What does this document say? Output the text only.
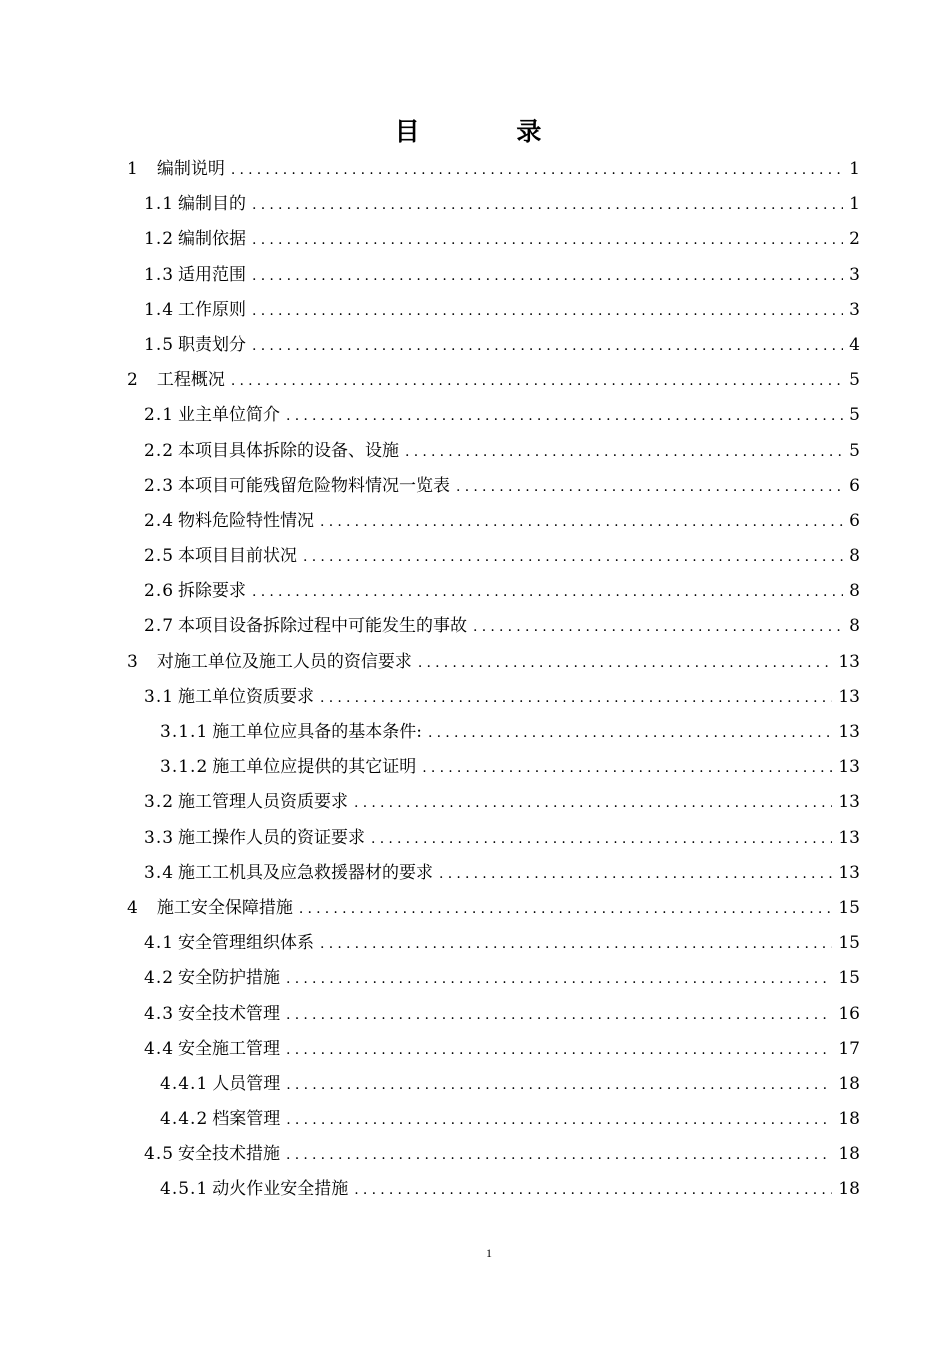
目 录
1 编制说明 .....	1
1.1 编制目的 .....	1
1.2 编制依据 .....	2
1.3 适用范围 .....	3
1.4 工作原则 .....	3
1.5 职责划分 .....	4
2 工程概况 .....	5
2.1 业主单位简介 .....	5
2.2 本项目具体拆除的设备、设施 .....	5
2.3 本项目可能残留危险物料情况一览表 .....	6
2.4 物料危险特性情况 .....	6
2.5 本项目目前状况 .....	8
2.6 拆除要求 .....	8
2.7 本项目设备拆除过程中可能发生的事故 .....	8
3 对施工单位及施工人员的资信要求 .....	13
3.1 施工单位资质要求 .....	13
3.1.1 施工单位应具备的基本条件: .....	13
3.1.2 施工单位应提供的其它证明 .....	13
3.2 施工管理人员资质要求 .....	13
3.3 施工操作人员的资证要求 .....	13
3.4 施工工机具及应急救援器材的要求 .....	13
4 施工安全保障措施 .....	15
4.1 安全管理组织体系 .....	15
4.2 安全防护措施 .....	15
4.3 安全技术管理 .....	16
4.4 安全施工管理 .....	17
4.4.1 人员管理 .....	18
4.4.2 档案管理 .....	18
4.5 安全技术措施 .....	18
4.5.1 动火作业安全措施 .....	18
1
